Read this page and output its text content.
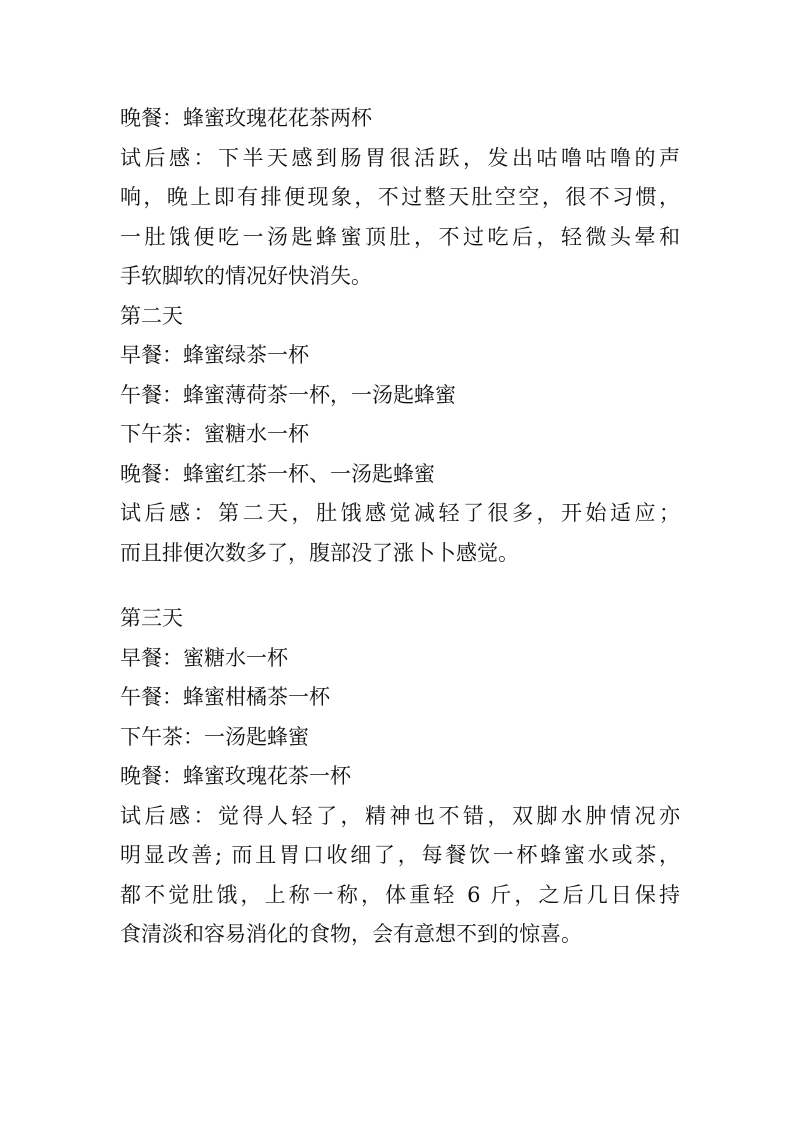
晚餐：蜂蜜玫瑰花花茶两杯
试后感：下半天感到肠胃很活跃，发出咕噜咕噜的声
响，晚上即有排便现象，不过整天肚空空，很不习惯，
一肚饿便吃一汤匙蜂蜜顶肚，不过吃后，轻微头晕和
手软脚软的情况好快消失。
第二天
早餐：蜂蜜绿茶一杯
午餐：蜂蜜薄荷茶一杯，一汤匙蜂蜜
下午茶：蜜糖水一杯
晚餐：蜂蜜红茶一杯、一汤匙蜂蜜
试后感：第二天，肚饿感觉减轻了很多，开始适应；
而且排便次数多了，腹部没了涨卜卜感觉。
第三天
早餐：蜜糖水一杯
午餐：蜂蜜柑橘茶一杯
下午茶：一汤匙蜂蜜
晚餐：蜂蜜玫瑰花茶一杯
试后感：觉得人轻了，精神也不错，双脚水肿情况亦
明显改善; 而且胃口收细了，每餐饮一杯蜂蜜水或茶，
都不觉肚饿，上称一称，体重轻 6 斤，之后几日保持
食清淡和容易消化的食物，会有意想不到的惊喜。
